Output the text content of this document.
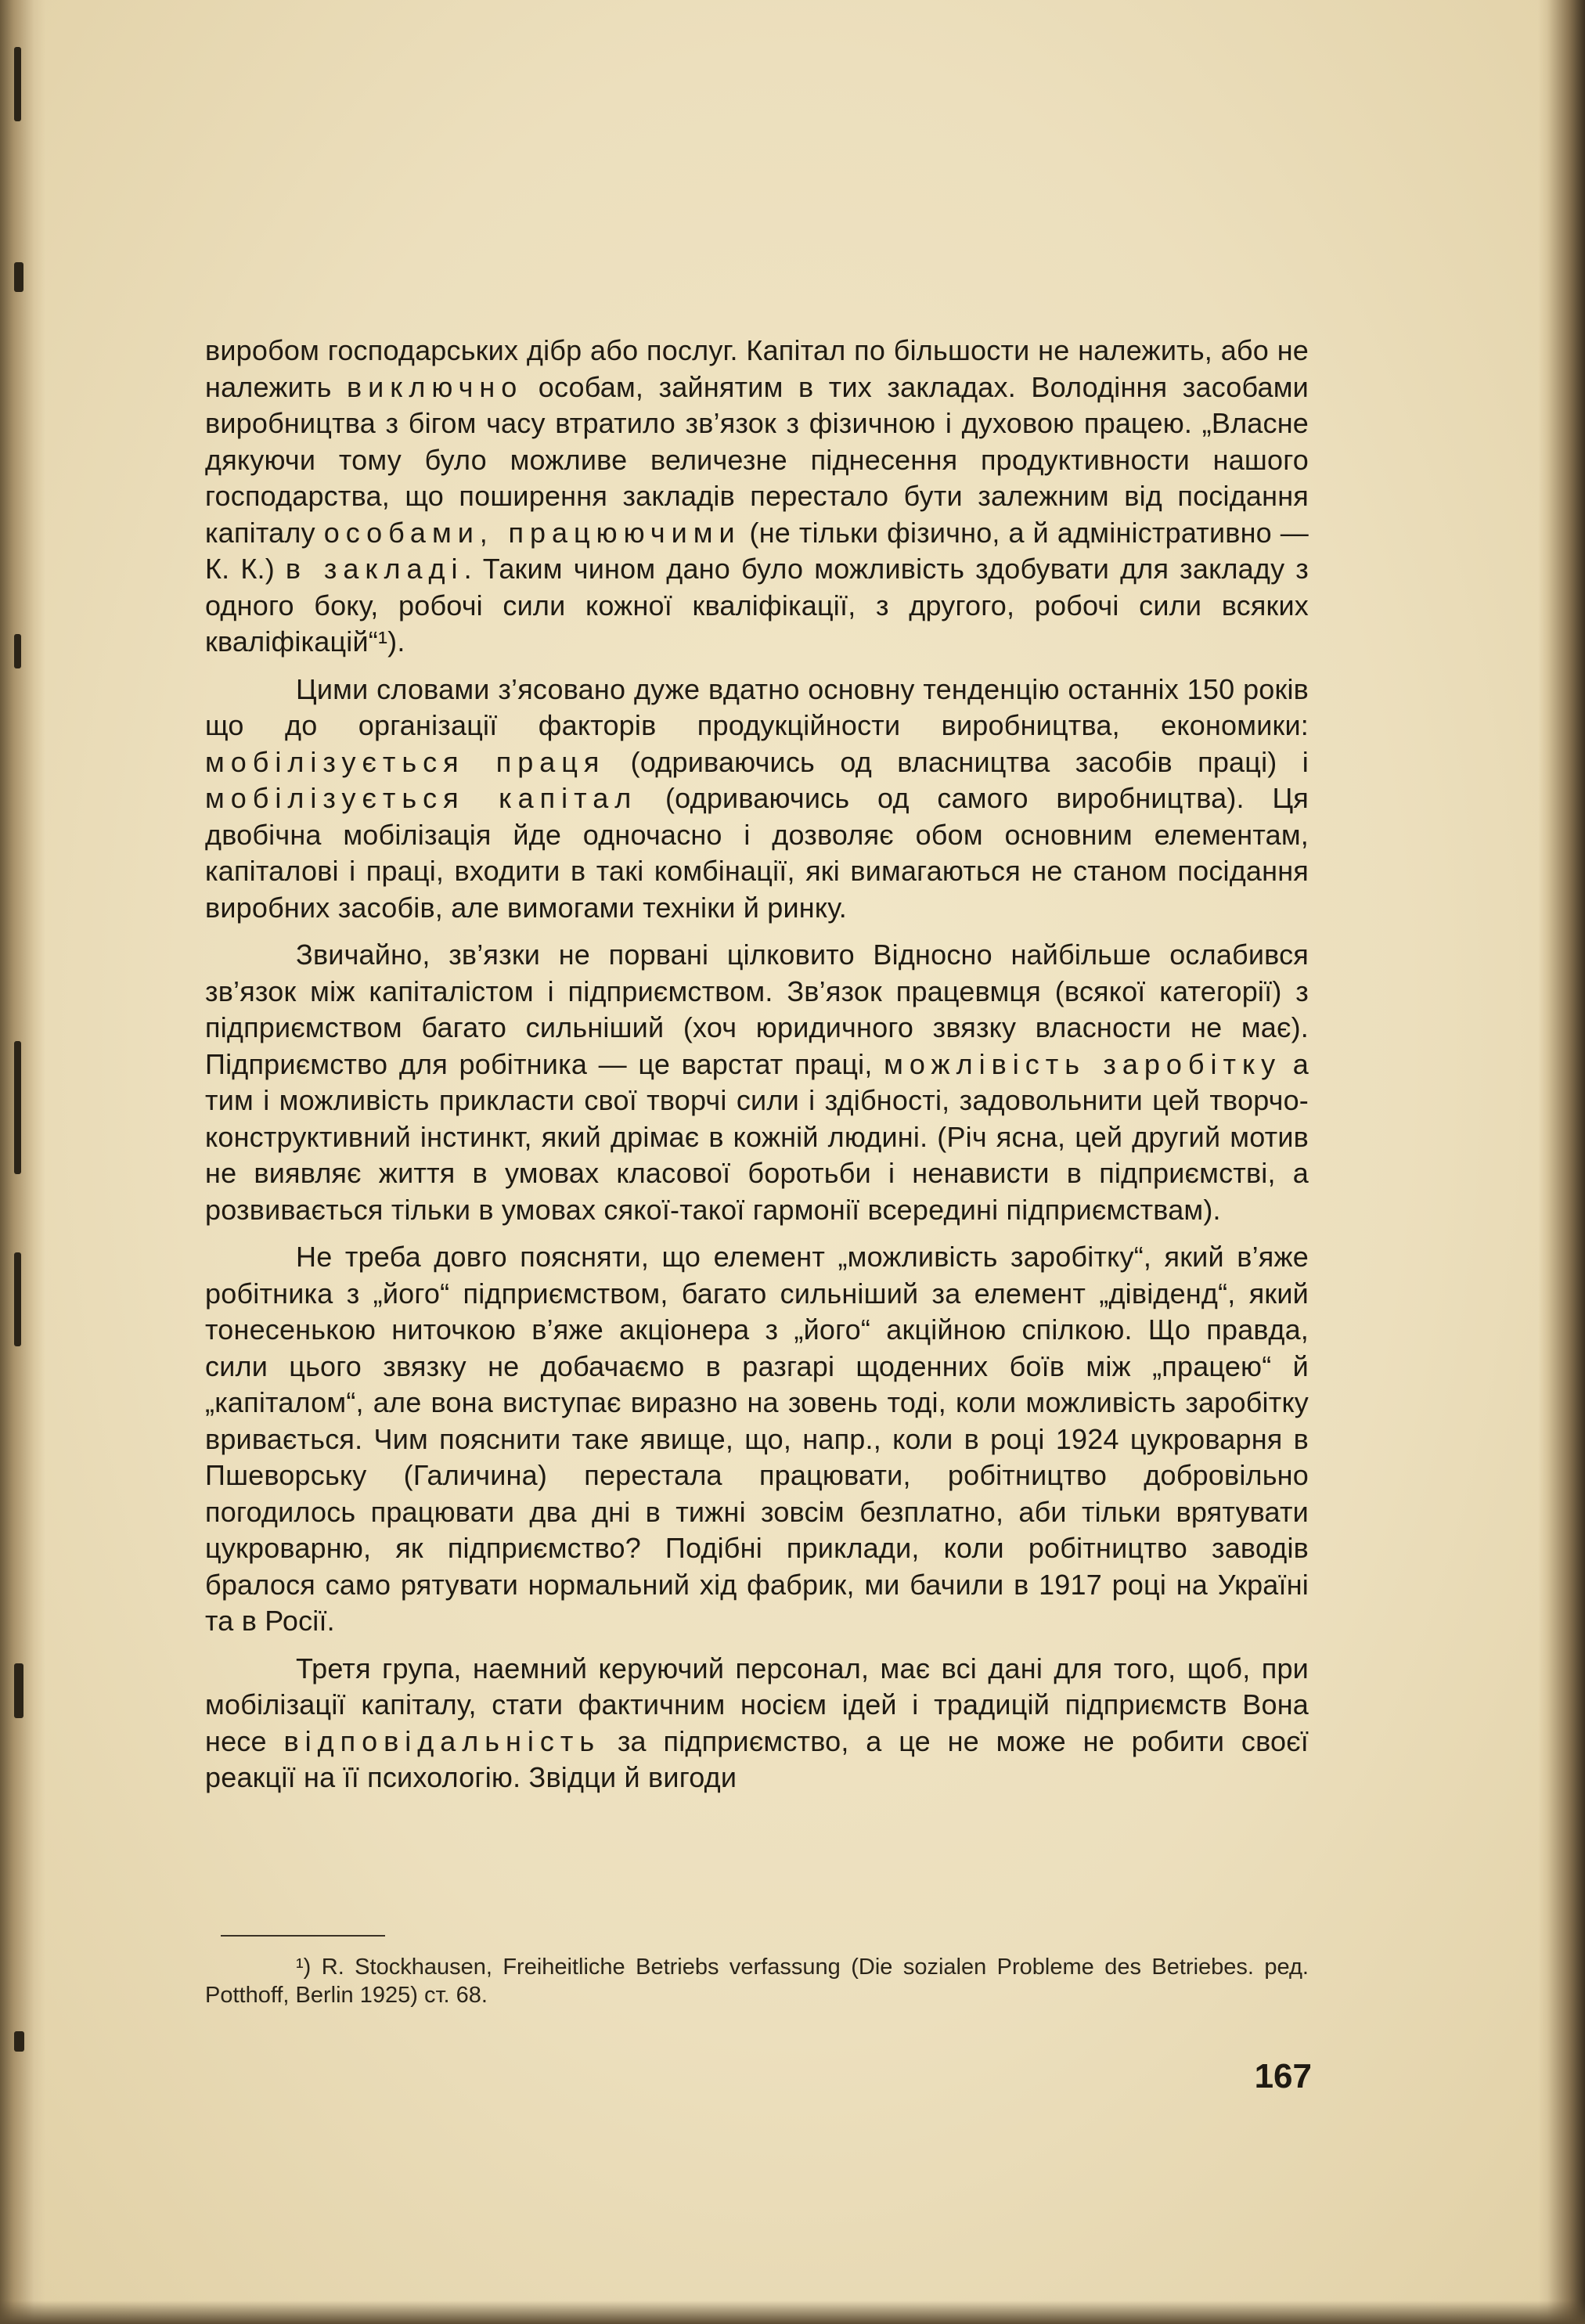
виробом господарських дібр або послуг. Капітал по більшости не належить, або не належить виключно особам, зайнятим в тих закладах. Володіння засобами виробництва з бігом часу втратило зв’язок з фізичною і духовою працею. „Власне дякуючи тому було можливе величезне піднесення продуктивности нашого господарства, що поширення закладів перестало бути залежним від посідання капіталу особами, працюючими (не тільки фізично, а й адміністративно — К. К.) в закладі. Таким чином дано було можливість здобувати для закладу з одного боку, робочі сили кожної кваліфікації, з другого, робочі сили всяких кваліфікацій“¹).

Цими словами з’ясовано дуже вдатно основну тенденцію останніх 150 років що до організації факторів продукційности виробництва, економики: мобілізується праця (одриваючись од власництва засобів праці) і мобілізується капітал (одриваючись од самого виробництва). Ця двобічна мобілізація йде одночасно і дозволяє обом основним елементам, капіталові і праці, входити в такі комбінації, які вимагаються не станом посідання виробних засобів, але вимогами техніки й ринку.

Звичайно, зв’язки не порвані цілковито Відносно найбільше ослабився зв’язок між капіталістом і підприємством. Зв’язок працевмця (всякої категорії) з підприємством багато сильніший (хоч юридичного звязку власности не має). Підприємство для робітника — це варстат праці, можлівість заробітку а тим і можливість прикласти свої творчі сили і здібності, задовольнити цей творчо-конструктивний інстинкт, який дрімає в кожній людині. (Річ ясна, цей другий мотив не виявляє життя в умовах класової боротьби і ненависти в підприємстві, а розвивається тільки в умовах сякої-такої гармонії всередині підприємствам).

Не треба довго поясняти, що елемент „можливість заробітку“, який в’яже робітника з „його“ підприємством, багато сильніший за елемент „дівіденд“, який тонесенькою ниточкою в’яже акціонера з „його“ акційною спілкою. Що правда, сили цього звязку не добачаємо в разгарі щоденних боїв між „працею“ й „капіталом“, але вона виступає виразно на зовень тоді, коли можливість заробітку вривається. Чим пояснити таке явище, що, напр., коли в році 1924 цукроварня в Пшеворську (Галичина) перестала працювати, робітництво добровільно погодилось працювати два дні в тижні зовсім безплатно, аби тільки врятувати цукроварню, як підприємство? Подібні приклади, коли робітництво заводів бралося само рятувати нормальний хід фабрик, ми бачили в 1917 році на Україні та в Росії.

Третя група, наемний керуючий персонал, має всі дані для того, щоб, при мобілізації капіталу, стати фактичним носієм ідей і традицій підприємств Вона несе відповідальність за підприємство, а це не може не робити своєї реакції на її психологію. Звідци й вигоди

¹) R. Stockhausen, Freiheitliche Betriebs verfassung (Die sozialen Probleme des Betriebes. ред. Potthoff, Berlin 1925) ст. 68.
167
